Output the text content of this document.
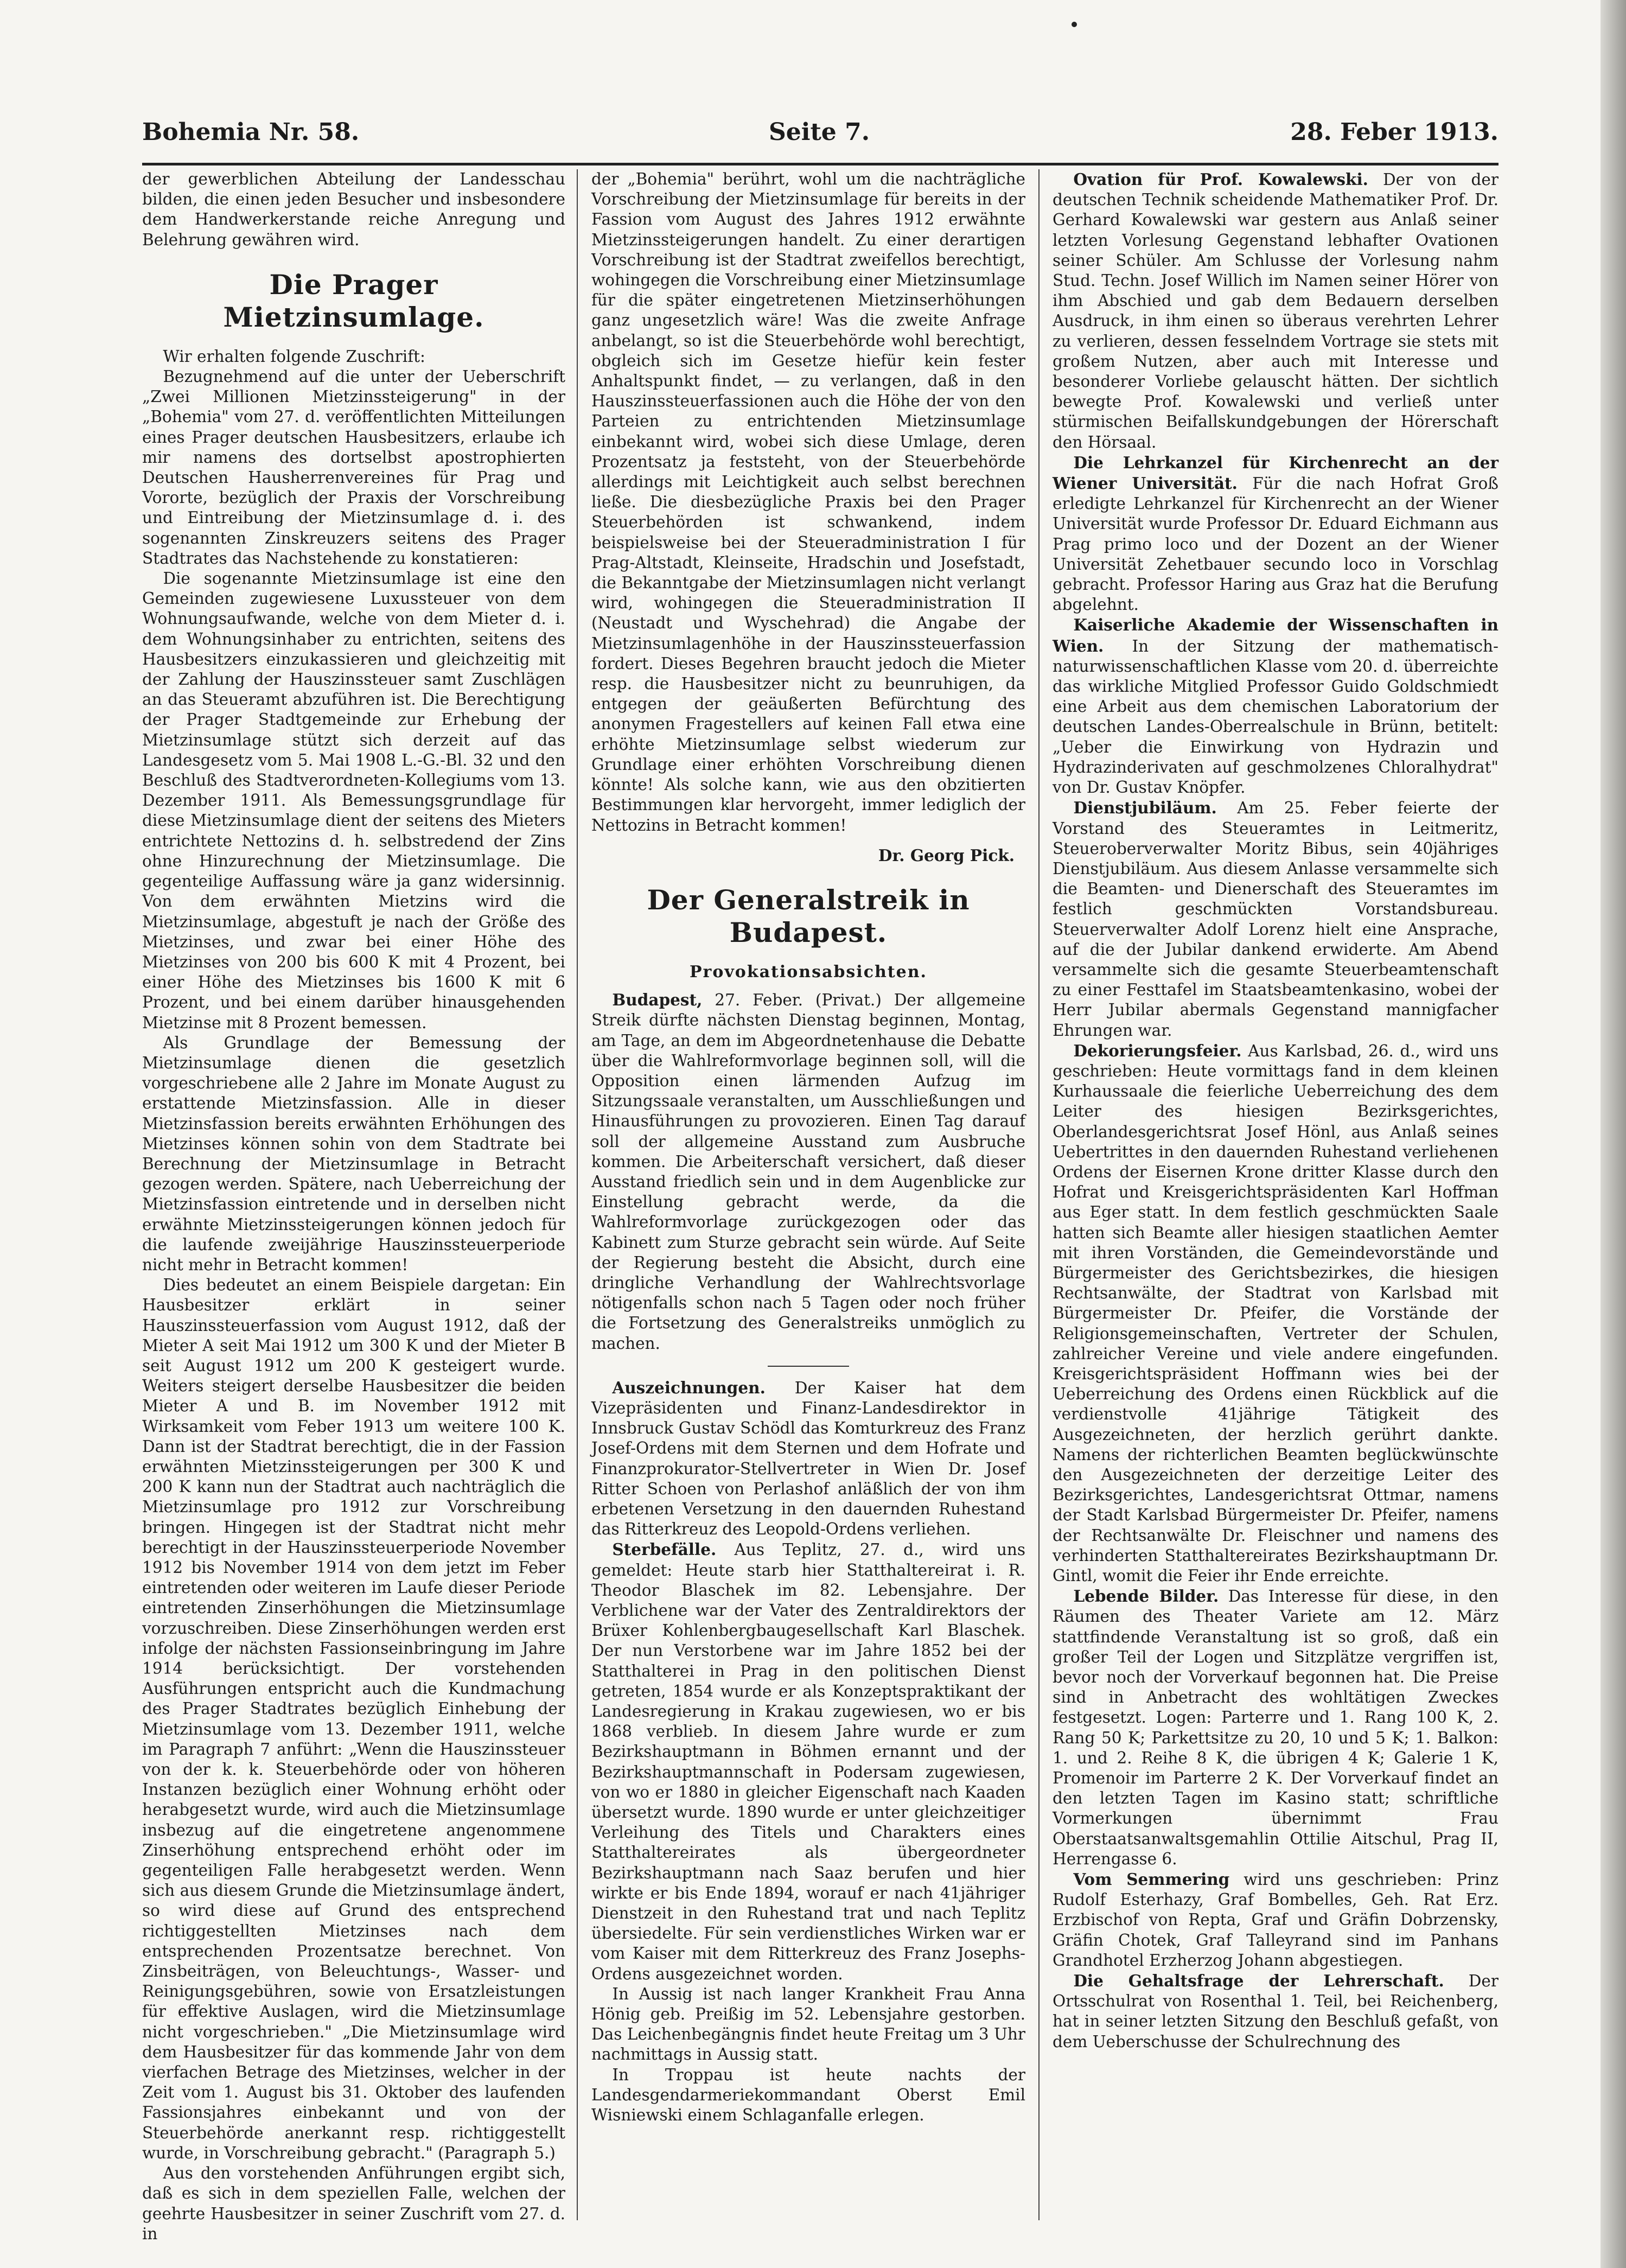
Bohemia Nr. 58.	Seite 7.	28. Feber 1913.

der gewerblichen Abteilung der Landesschau bilden, die einen jeden Besucher und insbesondere dem Handwerkerstande reiche Anregung und Belehrung gewähren wird.

Die Prager Mietzinsumlage.

Wir erhalten folgende Zuschrift:

Bezugnehmend auf die unter der Ueberschrift „Zwei Millionen Mietzinssteigerung" in der „Bohemia" vom 27. d. veröffentlichten Mitteilungen eines Prager deutschen Hausbesitzers, erlaube ich mir namens des dortselbst apostrophierten Deutschen Hausherrenvereines für Prag und Vororte, bezüglich der Praxis der Vorschreibung und Eintreibung der Mietzinsumlage d. i. des sogenannten Zinskreuzers seitens des Prager Stadtrates das Nachstehende zu konstatieren:

Die sogenannte Mietzinsumlage ist eine den Gemeinden zugewiesene Luxussteuer von dem Wohnungsaufwande, welche von dem Mieter d. i. dem Wohnungsinhaber zu entrichten, seitens des Hausbesitzers einzukassieren und gleichzeitig mit der Zahlung der Hauszinssteuer samt Zuschlägen an das Steueramt abzuführen ist. Die Berechtigung der Prager Stadtgemeinde zur Erhebung der Mietzinsumlage stützt sich derzeit auf das Landesgesetz vom 5. Mai 1908 L.-G.-Bl. 32 und den Beschluß des Stadtverordneten-Kollegiums vom 13. Dezember 1911. Als Bemessungsgrundlage für diese Mietzinsumlage dient der seitens des Mieters entrichtete Nettozins d. h. selbstredend der Zins ohne Hinzurechnung der Mietzinsumlage. Die gegenteilige Auffassung wäre ja ganz widersinnig. Von dem erwähnten Mietzins wird die Mietzinsumlage, abgestuft je nach der Größe des Mietzinses, und zwar bei einer Höhe des Mietzinses von 200 bis 600 K mit 4 Prozent, bei einer Höhe des Mietzinses bis 1600 K mit 6 Prozent, und bei einem darüber hinausgehenden Mietzinse mit 8 Prozent bemessen.

Als Grundlage der Bemessung der Mietzinsumlage dienen die gesetzlich vorgeschriebene alle 2 Jahre im Monate August zu erstattende Mietzinsfassion. Alle in dieser Mietzinsfassion bereits erwähnten Erhöhungen des Mietzinses können sohin von dem Stadtrate bei Berechnung der Mietzinsumlage in Betracht gezogen werden. Spätere, nach Ueberreichung der Mietzinsfassion eintretende und in derselben nicht erwähnte Mietzinssteigerungen können jedoch für die laufende zweijährige Hauszinssteuerperiode nicht mehr in Betracht kommen!

Dies bedeutet an einem Beispiele dargetan: Ein Hausbesitzer erklärt in seiner Hauszinssteuerfassion vom August 1912, daß der Mieter A seit Mai 1912 um 300 K und der Mieter B seit August 1912 um 200 K gesteigert wurde. Weiters steigert derselbe Hausbesitzer die beiden Mieter A und B. im November 1912 mit Wirksamkeit vom Feber 1913 um weitere 100 K. Dann ist der Stadtrat berechtigt, die in der Fassion erwähnten Mietzinssteigerungen per 300 K und 200 K kann nun der Stadtrat auch nachträglich die Mietzinsumlage pro 1912 zur Vorschreibung bringen. Hingegen ist der Stadtrat nicht mehr berechtigt in der Hauszinssteuerperiode November 1912 bis November 1914 von dem jetzt im Feber eintretenden oder weiteren im Laufe dieser Periode eintretenden Zinserhöhungen die Mietzinsumlage vorzuschreiben. Diese Zinserhöhungen werden erst infolge der nächsten Fassionseinbringung im Jahre 1914 berücksichtigt. Der vorstehenden Ausführungen entspricht auch die Kundmachung des Prager Stadtrates bezüglich Einhebung der Mietzinsumlage vom 13. Dezember 1911, welche im Paragraph 7 anführt: „Wenn die Hauszinssteuer von der k. k. Steuerbehörde oder von höheren Instanzen bezüglich einer Wohnung erhöht oder herabgesetzt wurde, wird auch die Mietzinsumlage insbezug auf die eingetretene angenommene Zinserhöhung entsprechend erhöht oder im gegenteiligen Falle herabgesetzt werden. Wenn sich aus diesem Grunde die Mietzinsumlage ändert, so wird diese auf Grund des entsprechend richtiggestellten Mietzinses nach dem entsprechenden Prozentsatze berechnet. Von Zinsbeiträgen, von Beleuchtungs-, Wasser- und Reinigungsgebühren, sowie von Ersatzleistungen für effektive Auslagen, wird die Mietzinsumlage nicht vorgeschrieben." „Die Mietzinsumlage wird dem Hausbesitzer für das kommende Jahr von dem vierfachen Betrage des Mietzinses, welcher in der Zeit vom 1. August bis 31. Oktober des laufenden Fassionsjahres einbekannt und von der Steuerbehörde anerkannt resp. richtiggestellt wurde, in Vorschreibung gebracht." (Paragraph 5.)

Aus den vorstehenden Anführungen ergibt sich, daß es sich in dem speziellen Falle, welchen der geehrte Hausbesitzer in seiner Zuschrift vom 27. d. in

der „Bohemia" berührt, wohl um die nachträgliche Vorschreibung der Mietzinsumlage für bereits in der Fassion vom August des Jahres 1912 erwähnte Mietzinssteigerungen handelt. Zu einer derartigen Vorschreibung ist der Stadtrat zweifellos berechtigt, wohingegen die Vorschreibung einer Mietzinsumlage für die später eingetretenen Mietzinserhöhungen ganz ungesetzlich wäre! Was die zweite Anfrage anbelangt, so ist die Steuerbehörde wohl berechtigt, obgleich sich im Gesetze hiefür kein fester Anhaltspunkt findet, — zu verlangen, daß in den Hauszinssteuerfassionen auch die Höhe der von den Parteien zu entrichtenden Mietzinsumlage einbekannt wird, wobei sich diese Umlage, deren Prozentsatz ja feststeht, von der Steuerbehörde allerdings mit Leichtigkeit auch selbst berechnen ließe. Die diesbezügliche Praxis bei den Prager Steuerbehörden ist schwankend, indem beispielsweise bei der Steueradministration I für Prag-Altstadt, Kleinseite, Hradschin und Josefstadt, die Bekanntgabe der Mietzinsumlagen nicht verlangt wird, wohingegen die Steueradministration II (Neustadt und Wyschehrad) die Angabe der Mietzinsumlagenhöhe in der Hauszinssteuerfassion fordert. Dieses Begehren braucht jedoch die Mieter resp. die Hausbesitzer nicht zu beunruhigen, da entgegen der geäußerten Befürchtung des anonymen Fragestellers auf keinen Fall etwa eine erhöhte Mietzinsumlage selbst wiederum zur Grundlage einer erhöhten Vorschreibung dienen könnte! Als solche kann, wie aus den obzitierten Bestimmungen klar hervorgeht, immer lediglich der Nettozins in Betracht kommen!

Dr. Georg Pick.
Der Generalstreik in Budapest.
Provokationsabsichten.

Budapest, 27. Feber. (Privat.) Der allgemeine Streik dürfte nächsten Dienstag beginnen, Montag, am Tage, an dem im Abgeordnetenhause die Debatte über die Wahlreformvorlage beginnen soll, will die Opposition einen lärmenden Aufzug im Sitzungssaale veranstalten, um Ausschließungen und Hinausführungen zu provozieren. Einen Tag darauf soll der allgemeine Ausstand zum Ausbruche kommen. Die Arbeiterschaft versichert, daß dieser Ausstand friedlich sein und in dem Augenblicke zur Einstellung gebracht werde, da die Wahlreformvorlage zurückgezogen oder das Kabinett zum Sturze gebracht sein würde. Auf Seite der Regierung besteht die Absicht, durch eine dringliche Verhandlung der Wahlrechtsvorlage nötigenfalls schon nach 5 Tagen oder noch früher die Fortsetzung des Generalstreiks unmöglich zu machen.

Auszeichnungen. Der Kaiser hat dem Vizepräsidenten und Finanz-Landesdirektor in Innsbruck Gustav Schödl das Komturkreuz des Franz Josef-Ordens mit dem Sternen und dem Hofrate und Finanzprokurator-Stellvertreter in Wien Dr. Josef Ritter Schoen von Perlashof anläßlich der von ihm erbetenen Versetzung in den dauernden Ruhestand das Ritterkreuz des Leopold-Ordens verliehen.

Sterbefälle. Aus Teplitz, 27. d., wird uns gemeldet: Heute starb hier Statthaltereirat i. R. Theodor Blaschek im 82. Lebensjahre. Der Verblichene war der Vater des Zentraldirektors der Brüxer Kohlenbergbaugesellschaft Karl Blaschek. Der nun Verstorbene war im Jahre 1852 bei der Statthalterei in Prag in den politischen Dienst getreten, 1854 wurde er als Konzeptspraktikant der Landesregierung in Krakau zugewiesen, wo er bis 1868 verblieb. In diesem Jahre wurde er zum Bezirkshauptmann in Böhmen ernannt und der Bezirkshauptmannschaft in Podersam zugewiesen, von wo er 1880 in gleicher Eigenschaft nach Kaaden übersetzt wurde. 1890 wurde er unter gleichzeitiger Verleihung des Titels und Charakters eines Statthaltereirates als übergeordneter Bezirkshauptmann nach Saaz berufen und hier wirkte er bis Ende 1894, worauf er nach 41jähriger Dienstzeit in den Ruhestand trat und nach Teplitz übersiedelte. Für sein verdienstliches Wirken war er vom Kaiser mit dem Ritterkreuz des Franz Josephs-Ordens ausgezeichnet worden.

In Aussig ist nach langer Krankheit Frau Anna Hönig geb. Preißig im 52. Lebensjahre gestorben. Das Leichenbegängnis findet heute Freitag um 3 Uhr nachmittags in Aussig statt.

In Troppau ist heute nachts der Landesgendarmeriekommandant Oberst Emil Wisniewski einem Schlaganfalle erlegen.

Ovation für Prof. Kowalewski. Der von der deutschen Technik scheidende Mathematiker Prof. Dr. Gerhard Kowalewski war gestern aus Anlaß seiner letzten Vorlesung Gegenstand lebhafter Ovationen seiner Schüler. Am Schlusse der Vorlesung nahm Stud. Techn. Josef Willich im Namen seiner Hörer von ihm Abschied und gab dem Bedauern derselben Ausdruck, in ihm einen so überaus verehrten Lehrer zu verlieren, dessen fesselndem Vortrage sie stets mit großem Nutzen, aber auch mit Interesse und besonderer Vorliebe gelauscht hätten. Der sichtlich bewegte Prof. Kowalewski und verließ unter stürmischen Beifallskundgebungen der Hörerschaft den Hörsaal.

Die Lehrkanzel für Kirchenrecht an der Wiener Universität. Für die nach Hofrat Groß erledigte Lehrkanzel für Kirchenrecht an der Wiener Universität wurde Professor Dr. Eduard Eichmann aus Prag primo loco und der Dozent an der Wiener Universität Zehetbauer secundo loco in Vorschlag gebracht. Professor Haring aus Graz hat die Berufung abgelehnt.

Kaiserliche Akademie der Wissenschaften in Wien. In der Sitzung der mathematisch-naturwissenschaftlichen Klasse vom 20. d. überreichte das wirkliche Mitglied Professor Guido Goldschmiedt eine Arbeit aus dem chemischen Laboratorium der deutschen Landes-Oberrealschule in Brünn, betitelt: „Ueber die Einwirkung von Hydrazin und Hydrazinderivaten auf geschmolzenes Chloralhydrat" von Dr. Gustav Knöpfer.

Dienstjubiläum. Am 25. Feber feierte der Vorstand des Steueramtes in Leitmeritz, Steueroberverwalter Moritz Bibus, sein 40jähriges Dienstjubiläum. Aus diesem Anlasse versammelte sich die Beamten- und Dienerschaft des Steueramtes im festlich geschmückten Vorstandsbureau. Steuerverwalter Adolf Lorenz hielt eine Ansprache, auf die der Jubilar dankend erwiderte. Am Abend versammelte sich die gesamte Steuerbeamtenschaft zu einer Festtafel im Staatsbeamtenkasino, wobei der Herr Jubilar abermals Gegenstand mannigfacher Ehrungen war.

Dekorierungsfeier. Aus Karlsbad, 26. d., wird uns geschrieben: Heute vormittags fand in dem kleinen Kurhaussaale die feierliche Ueberreichung des dem Leiter des hiesigen Bezirksgerichtes, Oberlandesgerichtsrat Josef Hönl, aus Anlaß seines Uebertrittes in den dauernden Ruhestand verliehenen Ordens der Eisernen Krone dritter Klasse durch den Hofrat und Kreisgerichtspräsidenten Karl Hoffman aus Eger statt. In dem festlich geschmückten Saale hatten sich Beamte aller hiesigen staatlichen Aemter mit ihren Vorständen, die Gemeindevorstände und Bürgermeister des Gerichtsbezirkes, die hiesigen Rechtsanwälte, der Stadtrat von Karlsbad mit Bürgermeister Dr. Pfeifer, die Vorstände der Religionsgemeinschaften, Vertreter der Schulen, zahlreicher Vereine und viele andere eingefunden. Kreisgerichtspräsident Hoffmann wies bei der Ueberreichung des Ordens einen Rückblick auf die verdienstvolle 41jährige Tätigkeit des Ausgezeichneten, der herzlich gerührt dankte. Namens der richterlichen Beamten beglückwünschte den Ausgezeichneten der derzeitige Leiter des Bezirksgerichtes, Landesgerichtsrat Ottmar, namens der Stadt Karlsbad Bürgermeister Dr. Pfeifer, namens der Rechtsanwälte Dr. Fleischner und namens des verhinderten Statthaltereirates Bezirkshauptmann Dr. Gintl, womit die Feier ihr Ende erreichte.

Lebende Bilder. Das Interesse für diese, in den Räumen des Theater Variete am 12. März stattfindende Veranstaltung ist so groß, daß ein großer Teil der Logen und Sitzplätze vergriffen ist, bevor noch der Vorverkauf begonnen hat. Die Preise sind in Anbetracht des wohltätigen Zweckes festgesetzt. Logen: Parterre und 1. Rang 100 K, 2. Rang 50 K; Parkettsitze zu 20, 10 und 5 K; 1. Balkon: 1. und 2. Reihe 8 K, die übrigen 4 K; Galerie 1 K, Promenoir im Parterre 2 K. Der Vorverkauf findet an den letzten Tagen im Kasino statt; schriftliche Vormerkungen übernimmt Frau Oberstaatsanwaltsgemahlin Ottilie Aitschul, Prag II, Herrengasse 6.

Vom Semmering wird uns geschrieben: Prinz Rudolf Esterhazy, Graf Bombelles, Geh. Rat Erz. Erzbischof von Repta, Graf und Gräfin Dobrzensky, Gräfin Chotek, Graf Talleyrand sind im Panhans Grandhotel Erzherzog Johann abgestiegen.

Die Gehaltsfrage der Lehrerschaft. Der Ortsschulrat von Rosenthal 1. Teil, bei Reichenberg, hat in seiner letzten Sitzung den Beschluß gefaßt, von dem Ueberschusse der Schulrechnung des
